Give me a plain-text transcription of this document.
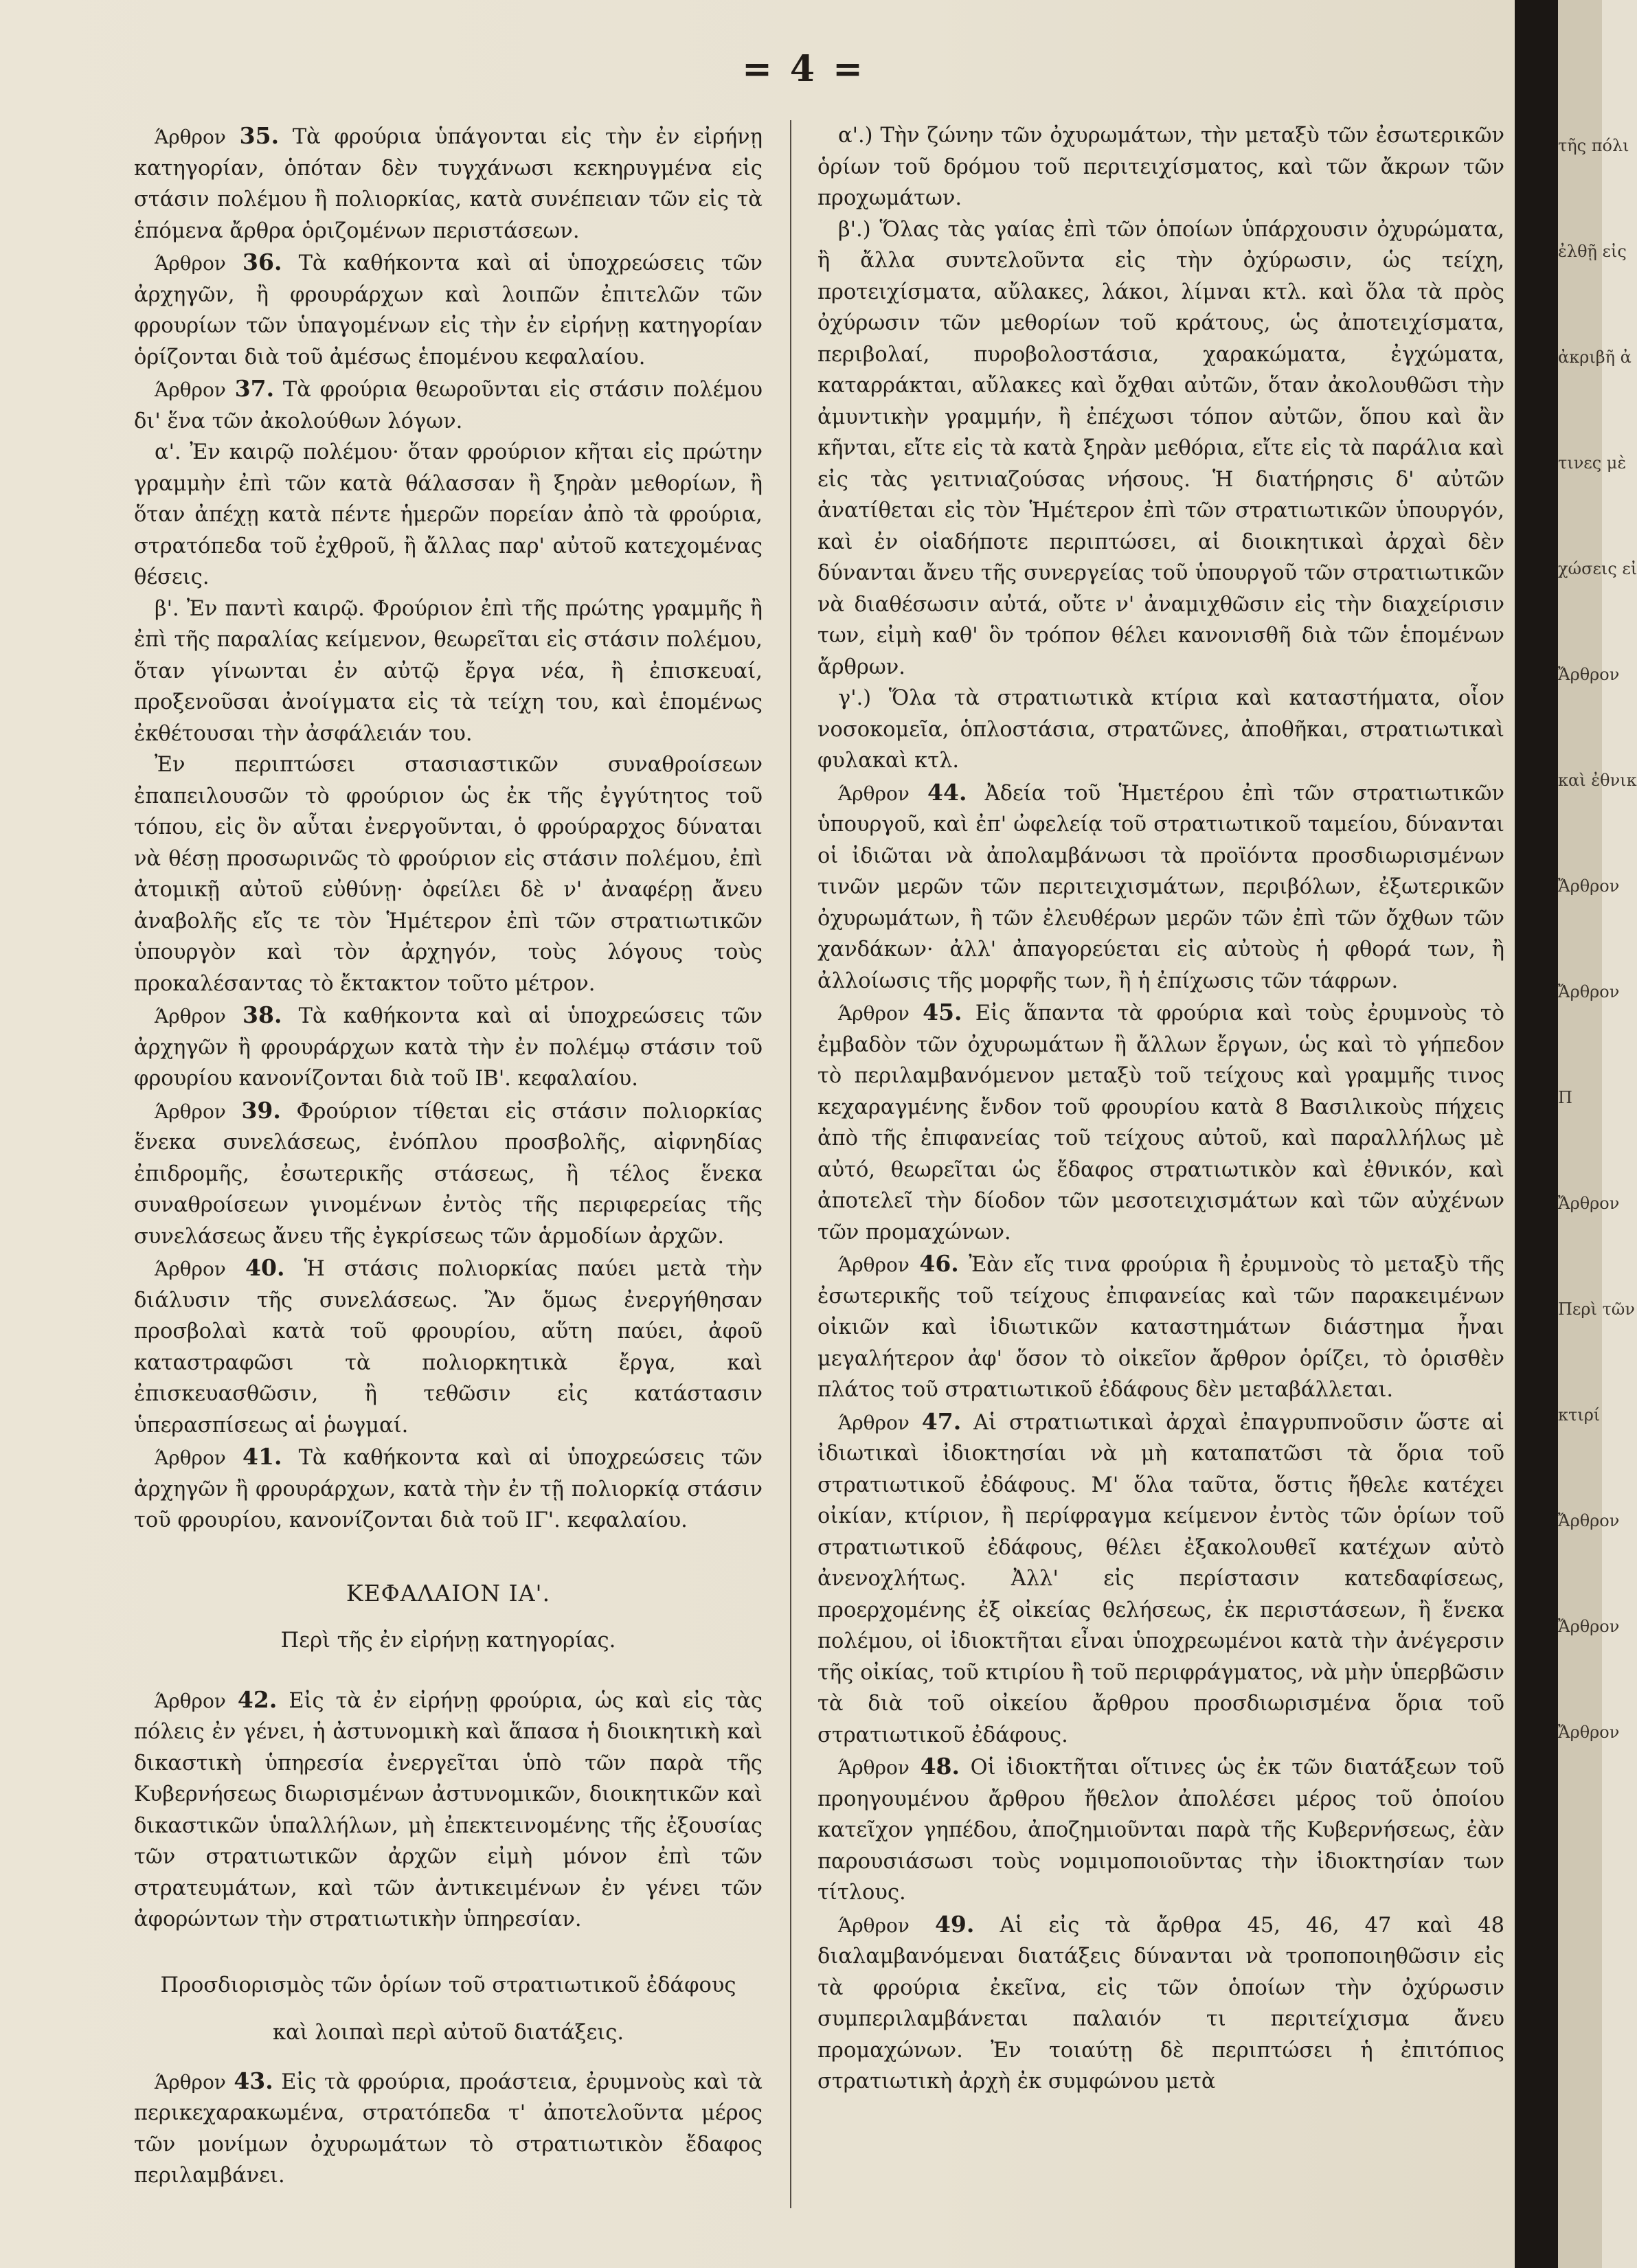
= 4 =

Άρθρον 35. Τὰ φρούρια ὑπάγονται εἰς τὴν ἐν εἰρήνῃ κατηγορίαν, ὁπόταν δὲν τυγχάνωσι κεκηρυγμένα εἰς στάσιν πολέμου ἢ πολιορκίας, κατὰ συνέπειαν τῶν εἰς τὰ ἑπόμενα ἄρθρα ὁριζομένων περιστάσεων.

Άρθρον 36. Τὰ καθήκοντα καὶ αἱ ὑποχρεώσεις τῶν ἀρχηγῶν, ἢ φρουράρχων καὶ λοιπῶν ἐπιτελῶν τῶν φρουρίων τῶν ὑπαγομένων εἰς τὴν ἐν εἰρήνῃ κατηγορίαν ὁρίζονται διὰ τοῦ ἀμέσως ἑπομένου κεφαλαίου.

Άρθρον 37. Τὰ φρούρια θεωροῦνται εἰς στάσιν πολέμου δι' ἕνα τῶν ἀκολούθων λόγων.

α'. Ἐν καιρῷ πολέμου· ὅταν φρούριον κῆται εἰς πρώτην γραμμὴν ἐπὶ τῶν κατὰ θάλασσαν ἢ ξηρὰν μεθορίων, ἢ ὅταν ἀπέχῃ κατὰ πέντε ἡμερῶν πορείαν ἀπὸ τὰ φρούρια, στρατόπεδα τοῦ ἐχθροῦ, ἢ ἄλλας παρ' αὐτοῦ κατεχομένας θέσεις.

β'. Ἐν παντὶ καιρῷ. Φρούριον ἐπὶ τῆς πρώτης γραμμῆς ἢ ἐπὶ τῆς παραλίας κείμενον, θεωρεῖται εἰς στάσιν πολέμου, ὅταν γίνωνται ἐν αὐτῷ ἔργα νέα, ἢ ἐπισκευαί, προξενοῦσαι ἀνοίγματα εἰς τὰ τείχη του, καὶ ἑπομένως ἐκθέτουσαι τὴν ἀσφάλειάν του.

Ἐν περιπτώσει στασιαστικῶν συναθροίσεων ἐπαπειλουσῶν τὸ φρούριον ὡς ἐκ τῆς ἐγγύτητος τοῦ τόπου, εἰς ὃν αὗται ἐνεργοῦνται, ὁ φρούραρχος δύναται νὰ θέσῃ προσωρινῶς τὸ φρούριον εἰς στάσιν πολέμου, ἐπὶ ἀτομικῇ αὐτοῦ εὐθύνῃ· ὀφείλει δὲ ν' ἀναφέρῃ ἄνευ ἀναβολῆς εἴς τε τὸν Ἡμέτερον ἐπὶ τῶν στρατιωτικῶν ὑπουργὸν καὶ τὸν ἀρχηγόν, τοὺς λόγους τοὺς προκαλέσαντας τὸ ἔκτακτον τοῦτο μέτρον.

Άρθρον 38. Τὰ καθήκοντα καὶ αἱ ὑποχρεώσεις τῶν ἀρχηγῶν ἢ φρουράρχων κατὰ τὴν ἐν πολέμῳ στάσιν τοῦ φρουρίου κανονίζονται διὰ τοῦ ΙΒ'. κεφαλαίου.

Άρθρον 39. Φρούριον τίθεται εἰς στάσιν πολιορκίας ἕνεκα συνελάσεως, ἐνόπλου προσβολῆς, αἰφνηδίας ἐπιδρομῆς, ἐσωτερικῆς στάσεως, ἢ τέλος ἕνεκα συναθροίσεων γινομένων ἐντὸς τῆς περιφερείας τῆς συνελάσεως ἄνευ τῆς ἐγκρίσεως τῶν ἁρμοδίων ἀρχῶν.

Άρθρον 40. Ἡ στάσις πολιορκίας παύει μετὰ τὴν διάλυσιν τῆς συνελάσεως. Ἂν ὅμως ἐνεργήθησαν προσβολαὶ κατὰ τοῦ φρουρίου, αὕτη παύει, ἀφοῦ καταστραφῶσι τὰ πολιορκητικὰ ἔργα, καὶ ἐπισκευασθῶσιν, ἢ τεθῶσιν εἰς κατάστασιν ὑπερασπίσεως αἱ ῥωγμαί.

Άρθρον 41. Τὰ καθήκοντα καὶ αἱ ὑποχρεώσεις τῶν ἀρχηγῶν ἢ φρουράρχων, κατὰ τὴν ἐν τῇ πολιορκίᾳ στάσιν τοῦ φρουρίου, κανονίζονται διὰ τοῦ ΙΓ'. κεφαλαίου.

ΚΕΦΑΛΑΙΟΝ ΙΑ'.

Περὶ τῆς ἐν εἰρήνῃ κατηγορίας.

Άρθρον 42. Εἰς τὰ ἐν εἰρήνῃ φρούρια, ὡς καὶ εἰς τὰς πόλεις ἐν γένει, ἡ ἀστυνομικὴ καὶ ἅπασα ἡ διοικητικὴ καὶ δικαστικὴ ὑπηρεσία ἐνεργεῖται ὑπὸ τῶν παρὰ τῆς Κυβερνήσεως διωρισμένων ἀστυνομικῶν, διοικητικῶν καὶ δικαστικῶν ὑπαλλήλων, μὴ ἐπεκτεινομένης τῆς ἐξουσίας τῶν στρατιωτικῶν ἀρχῶν εἰμὴ μόνον ἐπὶ τῶν στρατευμάτων, καὶ τῶν ἀντικειμένων ἐν γένει τῶν ἀφορώντων τὴν στρατιωτικὴν ὑπηρεσίαν.

Προσδιορισμὸς τῶν ὁρίων τοῦ στρατιωτικοῦ ἐδάφους

καὶ λοιπαὶ περὶ αὐτοῦ διατάξεις.

Άρθρον 43. Εἰς τὰ φρούρια, προάστεια, ἐρυμνοὺς καὶ τὰ περικεχαρακωμένα, στρατόπεδα τ' ἀποτελοῦντα μέρος τῶν μονίμων ὀχυρωμάτων τὸ στρατιωτικὸν ἔδαφος περιλαμβάνει.

α'.) Τὴν ζώνην τῶν ὀχυρωμάτων, τὴν μεταξὺ τῶν ἐσωτερικῶν ὁρίων τοῦ δρόμου τοῦ περιτειχίσματος, καὶ τῶν ἄκρων τῶν προχωμάτων.

β'.) Ὅλας τὰς γαίας ἐπὶ τῶν ὁποίων ὑπάρχουσιν ὀχυρώματα, ἢ ἄλλα συντελοῦντα εἰς τὴν ὀχύρωσιν, ὡς τείχη, προτειχίσματα, αὔλακες, λάκοι, λίμναι κτλ. καὶ ὅλα τὰ πρὸς ὀχύρωσιν τῶν μεθορίων τοῦ κράτους, ὡς ἀποτειχίσματα, περιβολαί, πυροβολοστάσια, χαρακώματα, ἐγχώματα, καταρράκται, αὔλακες καὶ ὄχθαι αὐτῶν, ὅταν ἀκολουθῶσι τὴν ἀμυντικὴν γραμμήν, ἢ ἐπέχωσι τόπον αὐτῶν, ὅπου καὶ ἂν κῆνται, εἴτε εἰς τὰ κατὰ ξηρὰν μεθόρια, εἴτε εἰς τὰ παράλια καὶ εἰς τὰς γειτνιαζούσας νήσους. Ἡ διατήρησις δ' αὐτῶν ἀνατίθεται εἰς τὸν Ἡμέτερον ἐπὶ τῶν στρατιωτικῶν ὑπουργόν, καὶ ἐν οἱαδήποτε περιπτώσει, αἱ διοικητικαὶ ἀρχαὶ δὲν δύνανται ἄνευ τῆς συνεργείας τοῦ ὑπουργοῦ τῶν στρατιωτικῶν νὰ διαθέσωσιν αὐτά, οὔτε ν' ἀναμιχθῶσιν εἰς τὴν διαχείρισιν των, εἰμὴ καθ' ὃν τρόπον θέλει κανονισθῆ διὰ τῶν ἑπομένων ἄρθρων.

γ'.) Ὅλα τὰ στρατιωτικὰ κτίρια καὶ καταστήματα, οἷον νοσοκομεῖα, ὁπλοστάσια, στρατῶνες, ἀποθῆκαι, στρατιωτικαὶ φυλακαὶ κτλ.

Άρθρον 44. Ἀδεία τοῦ Ἡμετέρου ἐπὶ τῶν στρατιωτικῶν ὑπουργοῦ, καὶ ἐπ' ὠφελείᾳ τοῦ στρατιωτικοῦ ταμείου, δύνανται οἱ ἰδιῶται νὰ ἀπολαμβάνωσι τὰ προϊόντα προσδιωρισμένων τινῶν μερῶν τῶν περιτειχισμάτων, περιβόλων, ἐξωτερικῶν ὀχυρωμάτων, ἢ τῶν ἐλευθέρων μερῶν τῶν ἐπὶ τῶν ὄχθων τῶν χανδάκων· ἀλλ' ἀπαγορεύεται εἰς αὐτοὺς ἡ φθορά των, ἢ ἀλλοίωσις τῆς μορφῆς των, ἢ ἡ ἐπίχωσις τῶν τάφρων.

Άρθρον 45. Εἰς ἅπαντα τὰ φρούρια καὶ τοὺς ἐρυμνοὺς τὸ ἐμβαδὸν τῶν ὀχυρωμάτων ἢ ἄλλων ἔργων, ὡς καὶ τὸ γήπεδον τὸ περιλαμβανόμενον μεταξὺ τοῦ τείχους καὶ γραμμῆς τινος κεχαραγμένης ἔνδον τοῦ φρουρίου κατὰ 8 Βασιλικοὺς πήχεις ἀπὸ τῆς ἐπιφανείας τοῦ τείχους αὐτοῦ, καὶ παραλλήλως μὲ αὐτό, θεωρεῖται ὡς ἔδαφος στρατιωτικὸν καὶ ἐθνικόν, καὶ ἀποτελεῖ τὴν δίοδον τῶν μεσοτειχισμάτων καὶ τῶν αὐχένων τῶν προμαχώνων.

Άρθρον 46. Ἐὰν εἴς τινα φρούρια ἢ ἐρυμνοὺς τὸ μεταξὺ τῆς ἐσωτερικῆς τοῦ τείχους ἐπιφανείας καὶ τῶν παρακειμένων οἰκιῶν καὶ ἰδιωτικῶν καταστημάτων διάστημα ἦναι μεγαλήτερον ἀφ' ὅσον τὸ οἰκεῖον ἄρθρον ὁρίζει, τὸ ὁρισθὲν πλάτος τοῦ στρατιωτικοῦ ἐδάφους δὲν μεταβάλλεται.

Άρθρον 47. Αἱ στρατιωτικαὶ ἀρχαὶ ἐπαγρυπνοῦσιν ὥστε αἱ ἰδιωτικαὶ ἰδιοκτησίαι νὰ μὴ καταπατῶσι τὰ ὅρια τοῦ στρατιωτικοῦ ἐδάφους. Μ' ὅλα ταῦτα, ὅστις ἤθελε κατέχει οἰκίαν, κτίριον, ἢ περίφραγμα κείμενον ἐντὸς τῶν ὁρίων τοῦ στρατιωτικοῦ ἐδάφους, θέλει ἐξακολουθεῖ κατέχων αὐτὸ ἀνενοχλήτως. Ἀλλ' εἰς περίστασιν κατεδαφίσεως, προερχομένης ἐξ οἰκείας θελήσεως, ἐκ περιστάσεων, ἢ ἕνεκα πολέμου, οἱ ἰδιοκτῆται εἶναι ὑποχρεωμένοι κατὰ τὴν ἀνέγερσιν τῆς οἰκίας, τοῦ κτιρίου ἢ τοῦ περιφράγματος, νὰ μὴν ὑπερβῶσιν τὰ διὰ τοῦ οἰκείου ἄρθρου προσδιωρισμένα ὅρια τοῦ στρατιωτικοῦ ἐδάφους.

Άρθρον 48. Οἱ ἰδιοκτῆται οἵτινες ὡς ἐκ τῶν διατάξεων τοῦ προηγουμένου ἄρθρου ἤθελον ἀπολέσει μέρος τοῦ ὁποίου κατεῖχον γηπέδου, ἀποζημιοῦνται παρὰ τῆς Κυβερνήσεως, ἐὰν παρουσιάσωσι τοὺς νομιμοποιοῦντας τὴν ἰδιοκτησίαν των τίτλους.

Άρθρον 49. Αἱ εἰς τὰ ἄρθρα 45, 46, 47 καὶ 48 διαλαμβανόμεναι διατάξεις δύνανται νὰ τροποποιηθῶσιν εἰς τὰ φρούρια ἐκεῖνα, εἰς τῶν ὁποίων τὴν ὀχύρωσιν συμπεριλαμβάνεται παλαιόν τι περιτείχισμα ἄνευ προμαχώνων. Ἐν τοιαύτῃ δὲ περιπτώσει ἡ ἐπιτόπιος στρατιωτικὴ ἀρχὴ ἐκ συμφώνου μετὰ

τῆς πόλι
ἐλθῇ εἰς
ἀκριβῆ ἀ
τινες μὲ
χώσεις εἰ
Ἄρθρον
καὶ ἐθνικ
Ἄρθρον
Ἄρθρον
Π
Ἄρθρον
Περὶ τῶν
κτιρί
Ἄρθρον
Ἄρθρον
Ἄρθρον
